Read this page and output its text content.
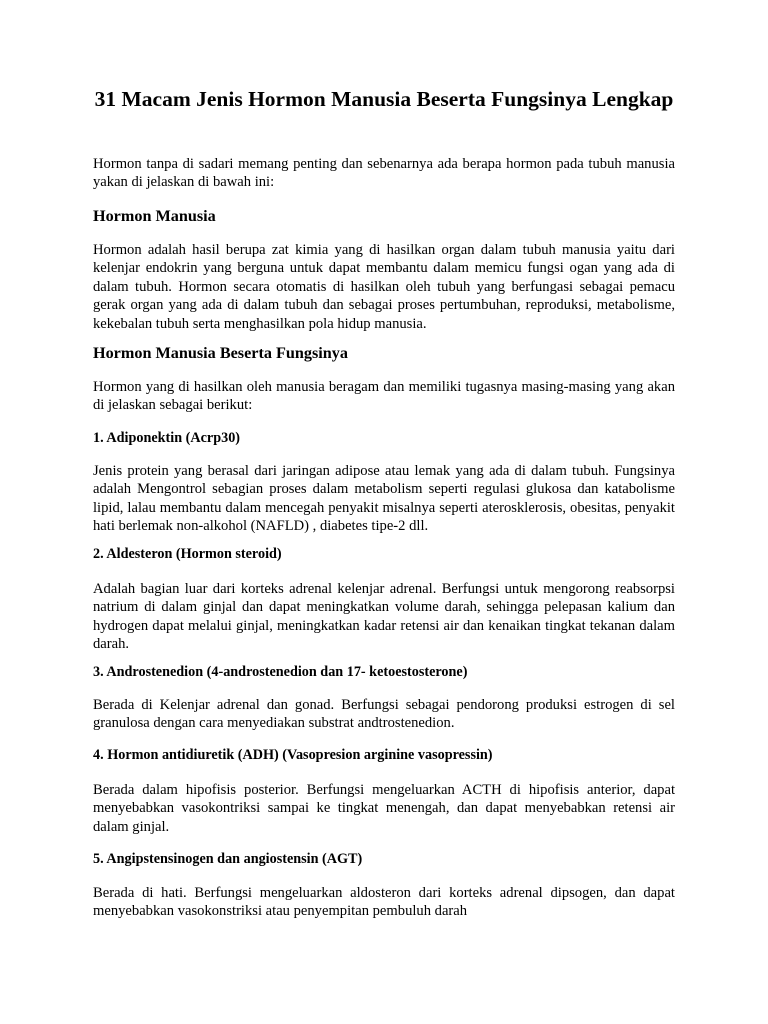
31 Macam Jenis Hormon Manusia Beserta Fungsinya Lengkap

Hormon tanpa di sadari memang penting dan sebenarnya ada berapa hormon pada tubuh manusia yakan di jelaskan di bawah ini:

Hormon Manusia

Hormon adalah hasil berupa zat kimia yang di hasilkan organ dalam tubuh manusia yaitu dari kelenjar endokrin yang berguna untuk dapat membantu dalam memicu fungsi ogan yang ada di dalam tubuh. Hormon secara otomatis di hasilkan oleh tubuh yang berfungasi sebagai pemacu gerak organ yang ada di dalam tubuh dan sebagai proses pertumbuhan, reproduksi, metabolisme, kekebalan tubuh serta menghasilkan pola hidup manusia.

Hormon Manusia Beserta Fungsinya

Hormon yang di hasilkan oleh manusia beragam dan memiliki tugasnya masing-masing yang akan di jelaskan sebagai berikut:

1. Adiponektin (Acrp30)

Jenis protein yang berasal dari jaringan adipose atau lemak yang ada di dalam tubuh. Fungsinya adalah Mengontrol sebagian proses dalam metabolism seperti regulasi glukosa dan katabolisme lipid, lalau membantu dalam mencegah penyakit misalnya seperti aterosklerosis, obesitas, penyakit hati berlemak non-alkohol (NAFLD) , diabetes tipe-2 dll.

2. Aldesteron (Hormon steroid)

Adalah bagian luar dari korteks adrenal kelenjar adrenal. Berfungsi untuk mengorong reabsorpsi natrium di dalam ginjal dan dapat meningkatkan volume darah, sehingga pelepasan kalium dan hydrogen dapat melalui ginjal, meningkatkan kadar retensi air dan kenaikan tingkat tekanan dalam darah.

3. Androstenedion (4-androstenedion dan 17- ketoestosterone)

Berada di Kelenjar adrenal dan gonad. Berfungsi sebagai pendorong produksi estrogen di sel granulosa dengan cara menyediakan substrat andtrostenedion.

4. Hormon antidiuretik (ADH) (Vasopresion arginine vasopressin)

Berada dalam hipofisis posterior. Berfungsi mengeluarkan ACTH di hipofisis anterior, dapat menyebabkan vasokontriksi sampai ke tingkat menengah, dan dapat menyebabkan retensi air dalam ginjal.

5. Angipstensinogen dan angiostensin (AGT)

Berada di hati. Berfungsi mengeluarkan aldosteron dari korteks adrenal dipsogen, dan dapat menyebabkan vasokonstriksi atau penyempitan pembuluh darah
